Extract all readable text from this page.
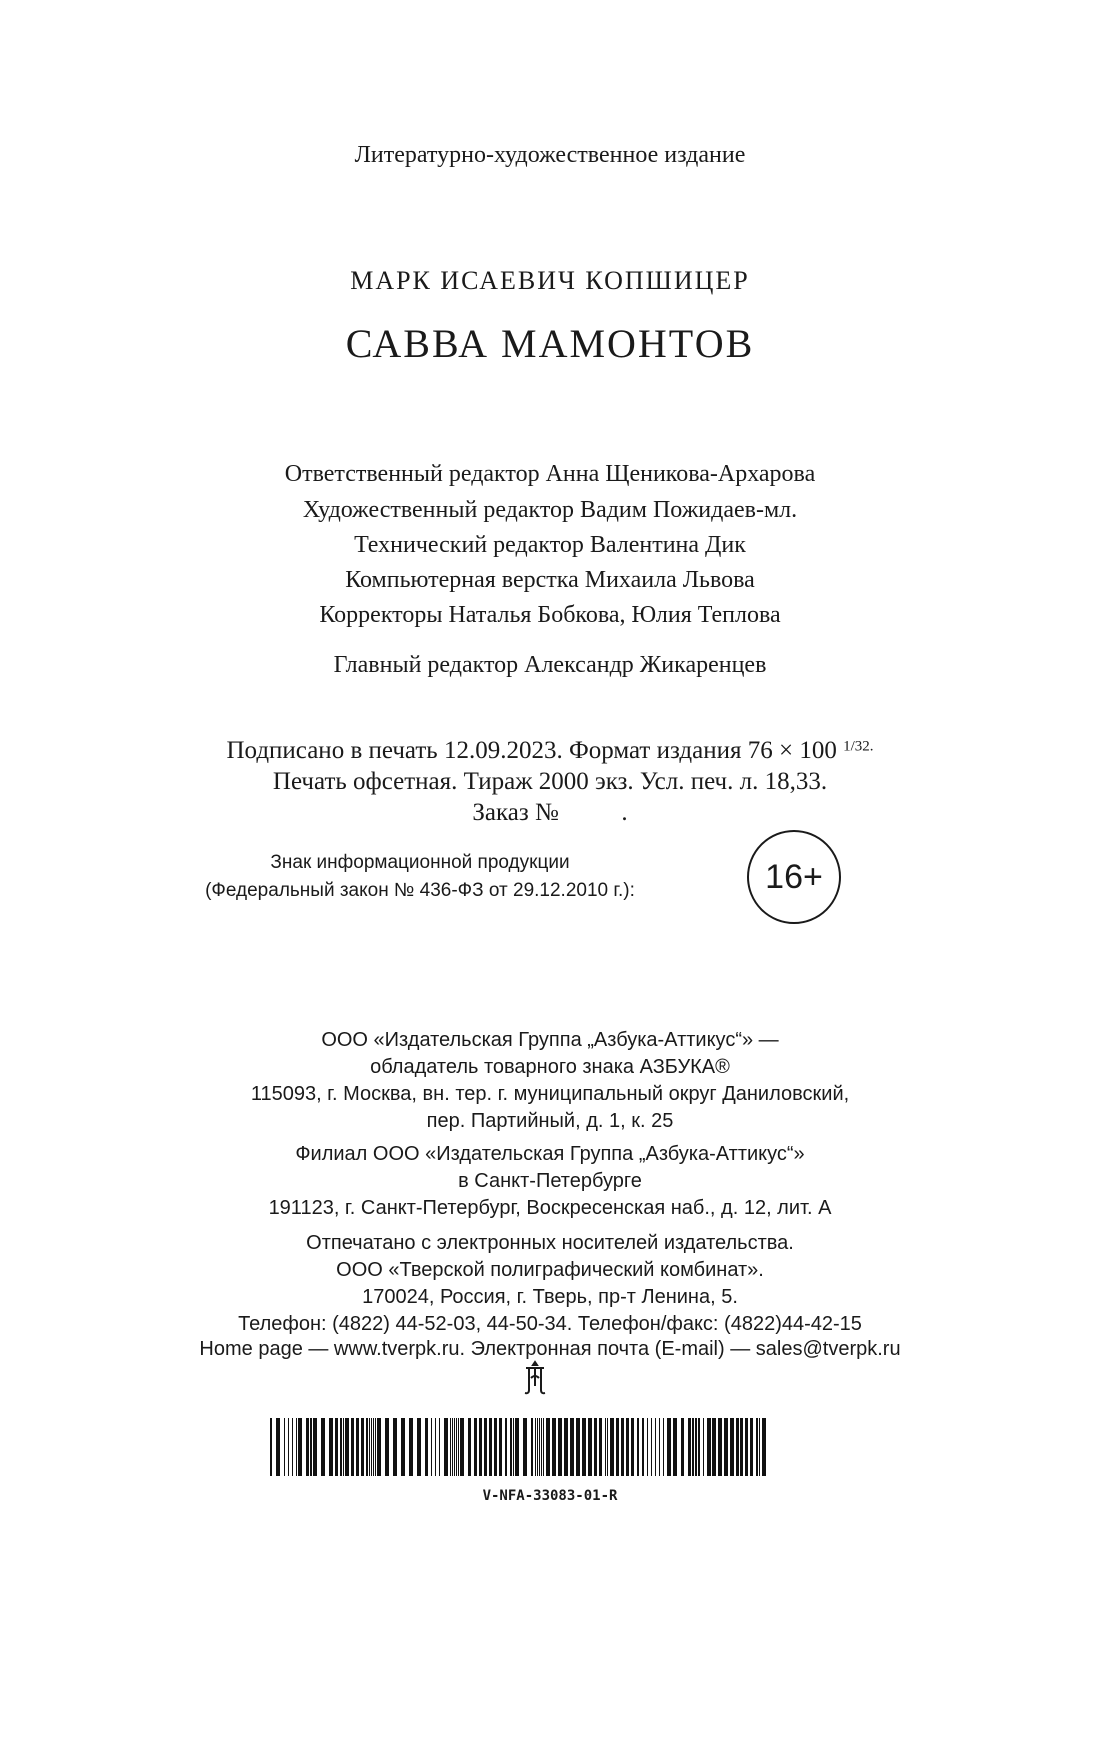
Литературно-художественное издание
МАРК ИСАЕВИЧ КОПШИЦЕР
САВВА МАМОНТОВ
Ответственный редактор Анна Щеникова-Архарова
Художественный редактор Вадим Пожидаев-мл.
Технический редактор Валентина Дик
Компьютерная верстка Михаила Львова
Корректоры Наталья Бобкова, Юлия Теплова
Главный редактор Александр Жикаренцев
Подписано в печать 12.09.2023. Формат издания 76 × 100 $^{1/32.}$
Печать офсетная. Тираж 2000 экз. Усл. печ. л. 18,33.
Заказ №          .
Знак информационной продукции
(Федеральный закон № 436-ФЗ от 29.12.2010 г.):	16+
ООО «Издательская Группа „Азбука-Аттикус“» —
обладатель товарного знака АЗБУКА®
115093, г. Москва, вн. тер. г. муниципальный округ Даниловский,
пер. Партийный, д. 1, к. 25
Филиал ООО «Издательская Группа „Азбука-Аттикус“»
в Санкт-Петербурге
191123, г. Санкт-Петербург, Воскресенская наб., д. 12, лит. А
Отпечатано с электронных носителей издательства.
ООО «Тверской полиграфический комбинат».
170024, Россия, г. Тверь, пр-т Ленина, 5.
Телефон: (4822) 44-52-03, 44-50-34. Телефон/факс: (4822)44-42-15
Home page — www.tverpk.ru. Электронная почта (E-mail) — sales@tverpk.ru
V-NFA-33083-01-R
